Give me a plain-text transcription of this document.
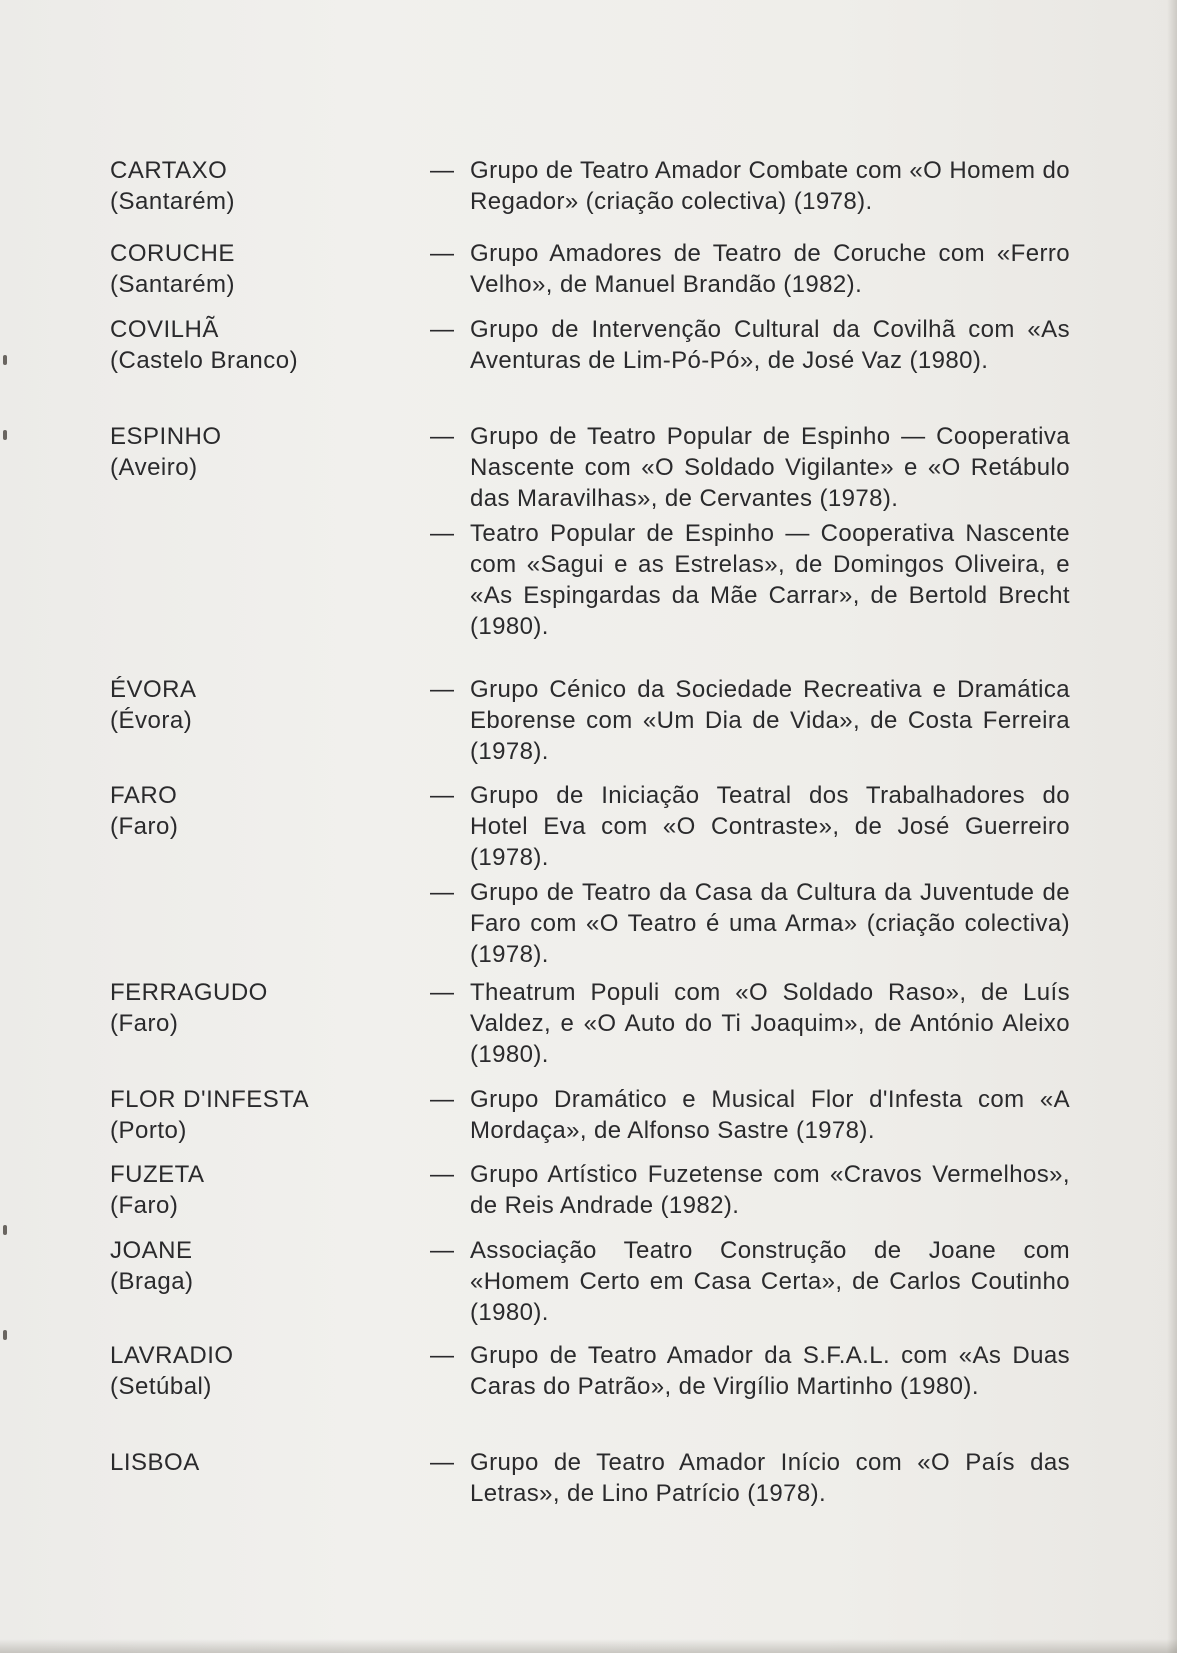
CARTAXO
(Santarém)
— Grupo de Teatro Amador Combate com «O Homem do Regador» (criação colectiva) (1978).
CORUCHE
(Santarém)
— Grupo Amadores de Teatro de Coruche com «Ferro Velho», de Manuel Brandão (1982).
COVILHÃ
(Castelo Branco)
— Grupo de Intervenção Cultural da Covilhã com «As Aventuras de Lim-Pó-Pó», de José Vaz (1980).
ESPINHO
(Aveiro)
— Grupo de Teatro Popular de Espinho — Cooperativa Nascente com «O Soldado Vigilante» e «O Retábulo das Maravilhas», de Cervantes (1978).
— Teatro Popular de Espinho — Cooperativa Nascente com «Sagui e as Estrelas», de Domingos Oliveira, e «As Espingardas da Mãe Carrar», de Bertold Brecht (1980).
ÉVORA
(Évora)
— Grupo Cénico da Sociedade Recreativa e Dramática Eborense com «Um Dia de Vida», de Costa Ferreira (1978).
FARO
(Faro)
— Grupo de Iniciação Teatral dos Trabalhadores do Hotel Eva com «O Contraste», de José Guerreiro (1978).
— Grupo de Teatro da Casa da Cultura da Juventude de Faro com «O Teatro é uma Arma» (criação colectiva) (1978).
FERRAGUDO
(Faro)
— Theatrum Populi com «O Soldado Raso», de Luís Valdez, e «O Auto do Ti Joaquim», de António Aleixo (1980).
FLOR D'INFESTA
(Porto)
— Grupo Dramático e Musical Flor d'Infesta com «A Mordaça», de Alfonso Sastre (1978).
FUZETA
(Faro)
— Grupo Artístico Fuzetense com «Cravos Vermelhos», de Reis Andrade (1982).
JOANE
(Braga)
— Associação Teatro Construção de Joane com «Homem Certo em Casa Certa», de Carlos Coutinho (1980).
LAVRADIO
(Setúbal)
— Grupo de Teatro Amador da S.F.A.L. com «As Duas Caras do Patrão», de Virgílio Martinho (1980).
LISBOA	— Grupo de Teatro Amador Início com «O País das Letras», de Lino Patrício (1978).
